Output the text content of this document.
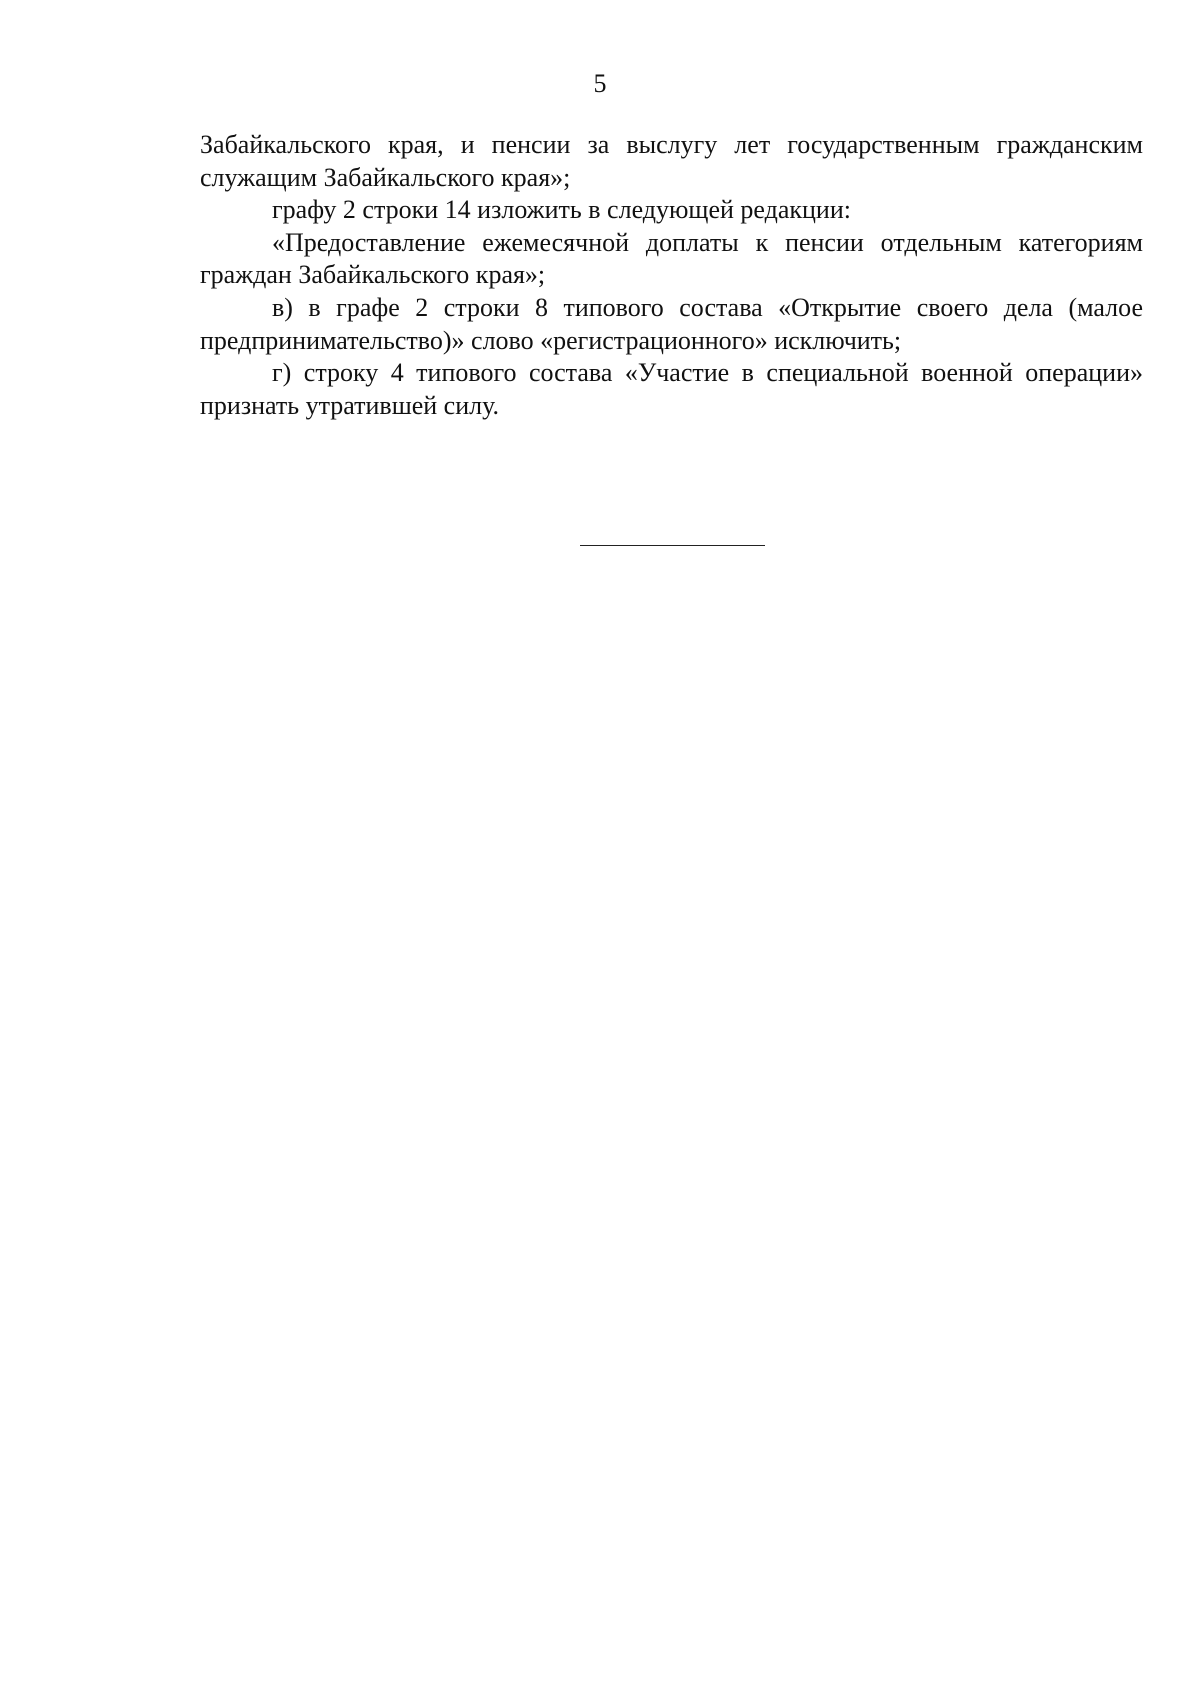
5

Забайкальского края, и пенсии за выслугу лет государственным гражданским служащим Забайкальского края»;

графу 2 строки 14 изложить в следующей редакции:

«Предоставление ежемесячной доплаты к пенсии отдельным категориям граждан Забайкальского края»;

в) в графе 2 строки 8 типового состава «Открытие своего дела (малое предпринимательство)» слово «регистрационного» исключить;

г) строку 4 типового состава «Участие в специальной военной операции» признать утратившей силу.
